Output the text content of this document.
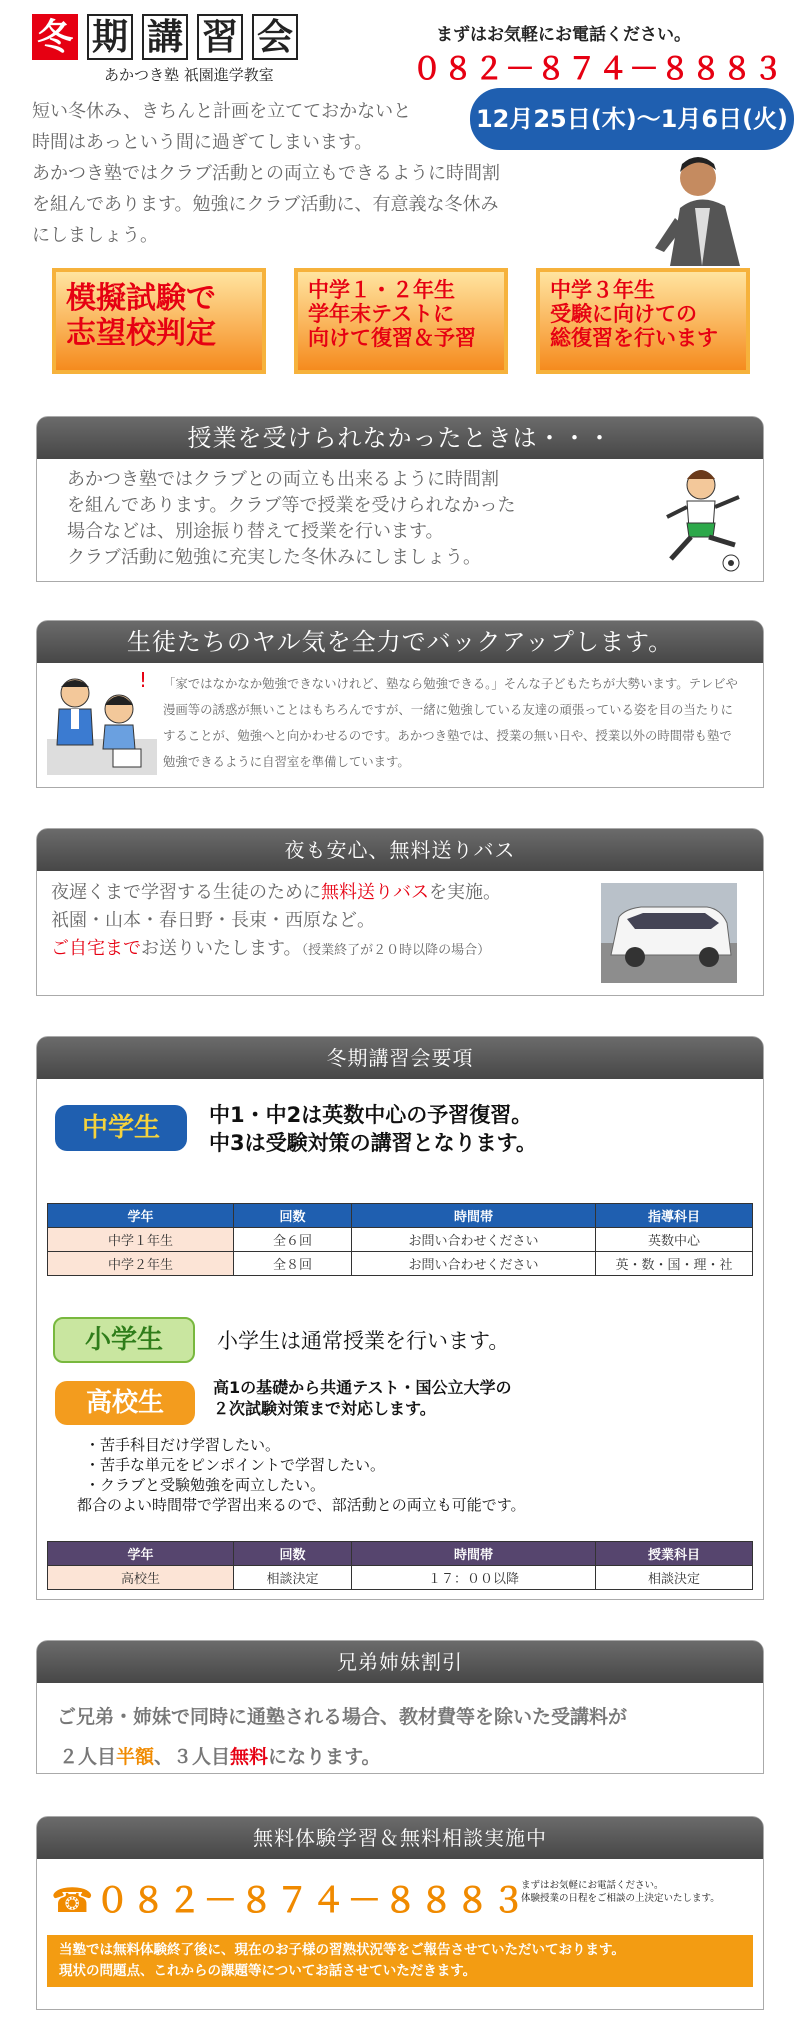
冬 期 講 習 会
あかつき塾 祇園進学教室
まずはお気軽にお電話ください。
０８２－８７４－８８８３
12月25日(木)～1月6日(火)
短い冬休み、きちんと計画を立てておかないと
時間はあっという間に過ぎてしまいます。
あかつき塾ではクラブ活動との両立もできるように時間割
を組んであります。勉強にクラブ活動に、有意義な冬休み
にしましょう。
模擬試験で
志望校判定
中学１・２年生
学年末テストに
向けて復習＆予習
中学３年生
受験に向けての
総復習を行います
授業を受けられなかったときは・・・
あかつき塾ではクラブとの両立も出来るように時間割
を組んであります。クラブ等で授業を受けられなかった
場合などは、別途振り替えて授業を行います。
クラブ活動に勉強に充実した冬休みにしましょう。
生徒たちのヤル気を全力でバックアップします。
! 「家ではなかなか勉強できないけれど、塾なら勉強できる。」そんな子どもたちが大勢います。テレビや
漫画等の誘惑が無いことはもちろんですが、一緒に勉強している友達の頑張っている姿を目の当たりに
することが、勉強へと向かわせるのです。あかつき塾では、授業の無い日や、授業以外の時間帯も塾で
勉強できるように自習室を準備しています。
夜も安心、無料送りバス
夜遅くまで学習する生徒のために無料送りバスを実施。
祇園・山本・春日野・長束・西原など。
ご自宅までお送りいたします。（授業終了が２０時以降の場合）
冬期講習会要項
中学生	中1・中2は英数中心の予習復習。
中3は受験対策の講習となります。
学年	回数	時間帯	指導科目
中学１年生	全６回	お問い合わせください	英数中心
中学２年生	全８回	お問い合わせください	英・数・国・理・社
小学生	小学生は通常授業を行います。
高校生
高1の基礎から共通テスト・国公立大学の
２次試験対策まで対応します。
・苦手科目だけ学習したい。
・苦手な単元をピンポイントで学習したい。
・クラブと受験勉強を両立したい。
都合のよい時間帯で学習出来るので、部活動との両立も可能です。
学年	回数	時間帯	授業科目
高校生	相談決定	１７：００以降	相談決定
兄弟姉妹割引
ご兄弟・姉妹で同時に通塾される場合、教材費等を除いた受講料が
２人目半額、３人目無料になります。
無料体験学習＆無料相談実施中
☎０８２－８７４－８８８３
まずはお気軽にお電話ください。
体験授業の日程をご相談の上決定いたします。
当塾では無料体験終了後に、現在のお子様の習熟状況等をご報告させていただいております。
現状の問題点、これからの課題等についてお話させていただきます。
